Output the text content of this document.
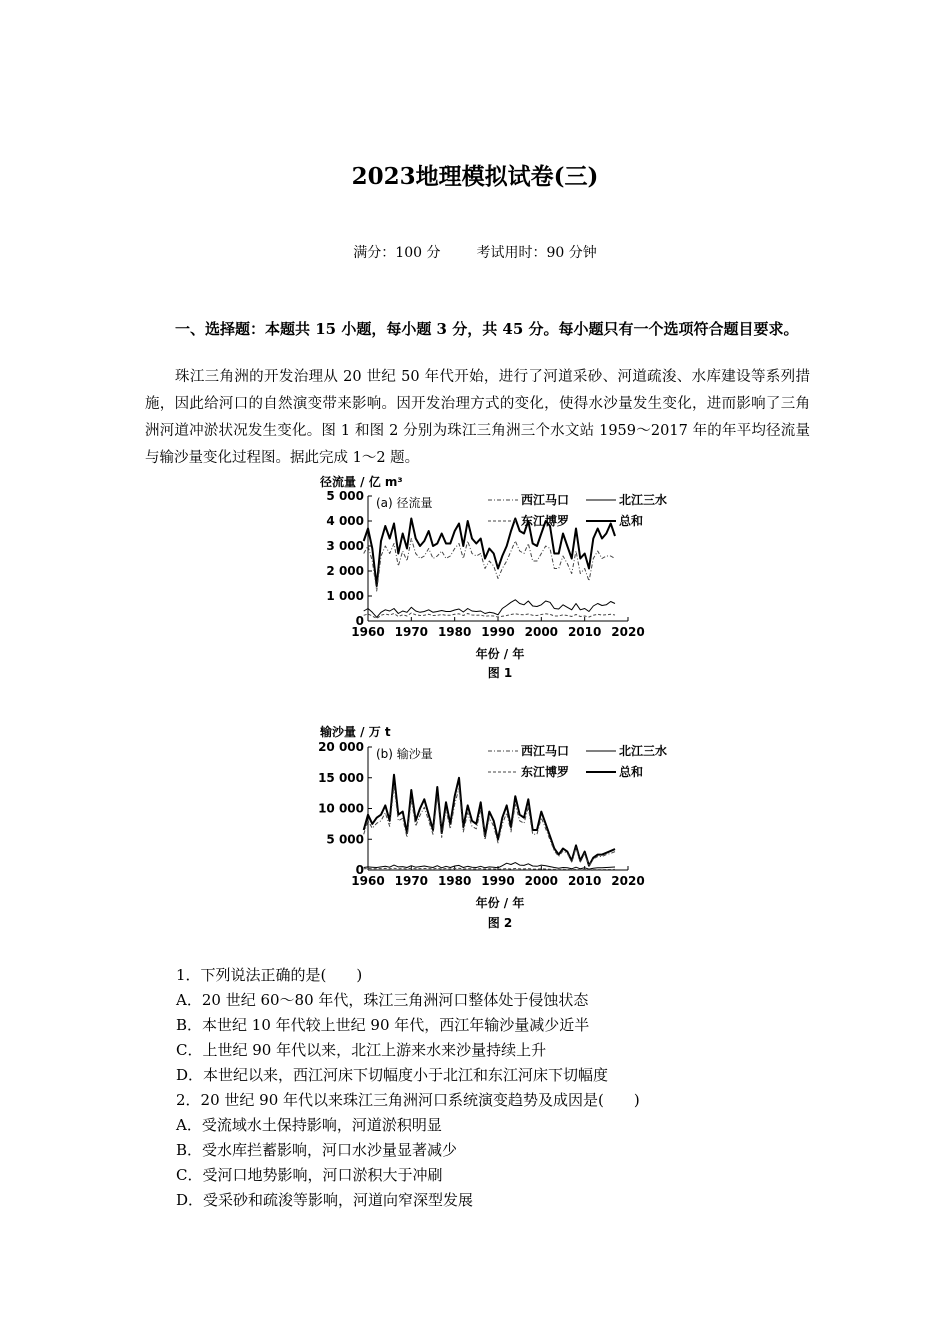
2023地理模拟试卷(三)
满分：100 分	考试用时：90 分钟
一、选择题：本题共 15 小题，每小题 3 分，共 45 分。每小题只有一个选项符合题目要求。
珠江三角洲的开发治理从 20 世纪 50 年代开始，进行了河道采砂、河道疏浚、水库建设等系列措施，因此给河口的自然演变带来影响。因开发治理方式的变化，使得水沙量发生变化，进而影响了三角洲河道冲淤状况发生变化。图 1 和图 2 分别为珠江三角洲三个水文站 1959～2017 年的年平均径流量与输沙量变化过程图。据此完成 1～2 题。
径流量 / 亿 m³
(a) 径流量
0
1 000
2 000
3 000
4 000
5 000
1960 1970 1980 1990 2000 2010 2020
西江马口	北江三水
东江博罗	总和
年份 / 年
图 1
输沙量 / 万 t
(b) 输沙量
0
5 000
10 000
15 000
20 000
1960 1970 1980 1990 2000 2010 2020
西江马口	北江三水
东江博罗	总和
年份 / 年
图 2
1．下列说法正确的是(　　)
A．20 世纪 60～80 年代，珠江三角洲河口整体处于侵蚀状态
B．本世纪 10 年代较上世纪 90 年代，西江年输沙量减少近半
C．上世纪 90 年代以来，北江上游来水来沙量持续上升
D．本世纪以来，西江河床下切幅度小于北江和东江河床下切幅度
2．20 世纪 90 年代以来珠江三角洲河口系统演变趋势及成因是(　　)
A．受流域水土保持影响，河道淤积明显
B．受水库拦蓄影响，河口水沙量显著减少
C．受河口地势影响，河口淤积大于冲刷
D．受采砂和疏浚等影响，河道向窄深型发展
